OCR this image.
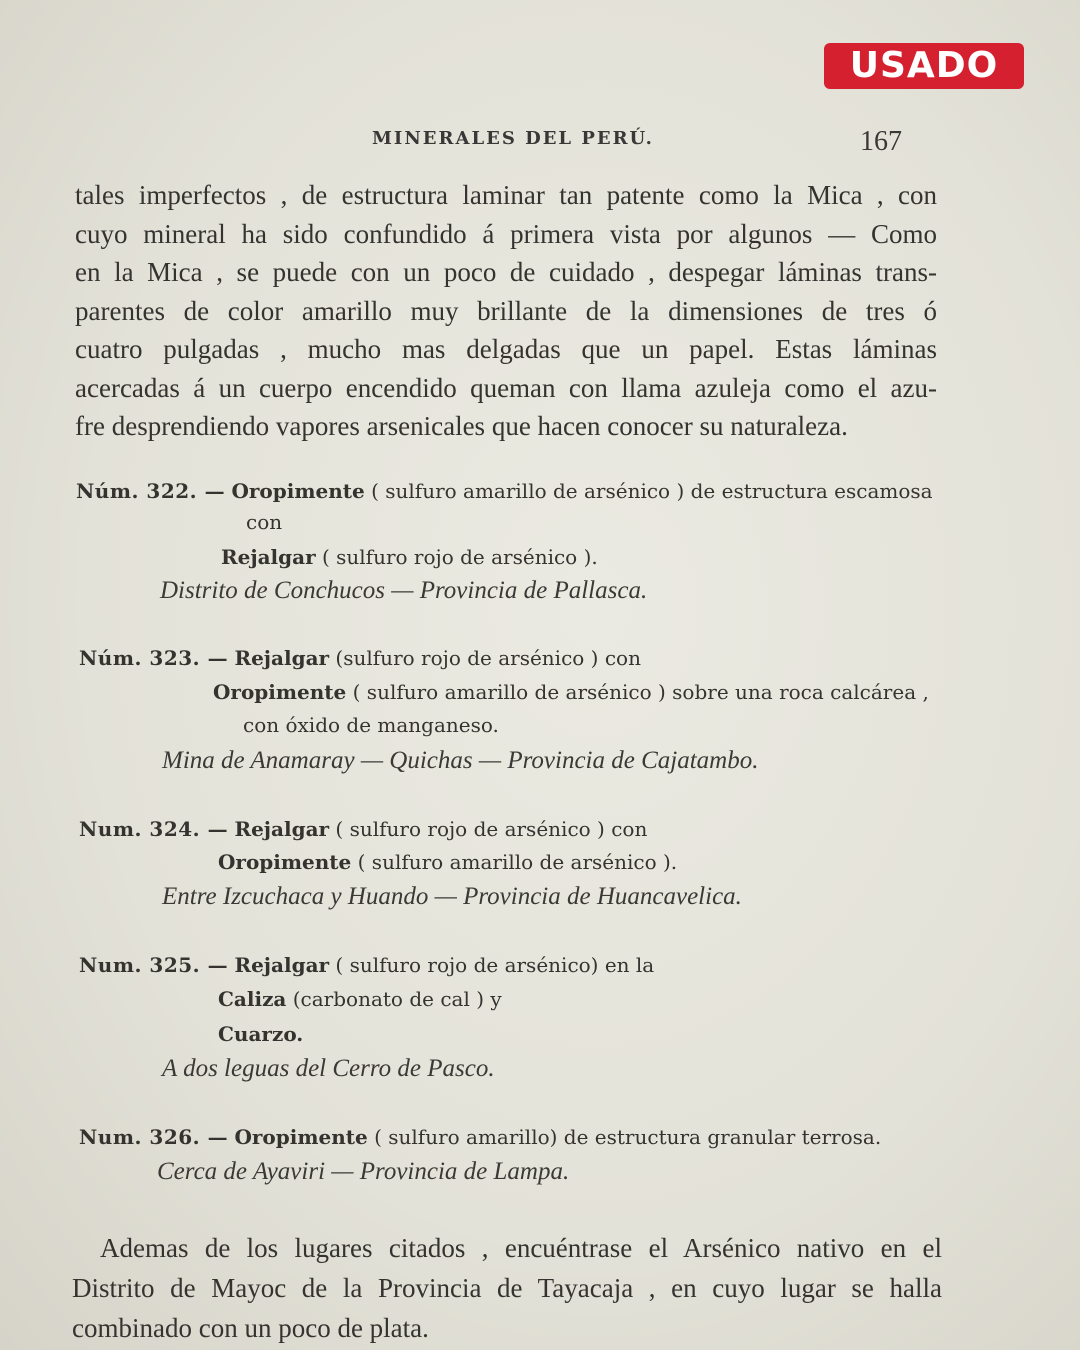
USADO
MINERALES DEL PERÚ.	167
tales imperfectos , de estructura laminar tan patente como la Mica , con
cuyo mineral ha sido confundido á primera vista por algunos — Como
en la Mica , se puede con un poco de cuidado , despegar láminas trans-
parentes de color amarillo muy brillante de la dimensiones de tres ó
cuatro pulgadas , mucho mas delgadas que un papel. Estas láminas
acercadas á un cuerpo encendido queman con llama azuleja como el azu-
fre desprendiendo vapores arsenicales que hacen conocer su naturaleza.
Núm. 322. — Oropimente ( sulfuro amarillo de arsénico ) de estructura escamosa
con
Rejalgar ( sulfuro rojo de arsénico ).
Distrito de Conchucos — Provincia de Pallasca.
Núm. 323. — Rejalgar (sulfuro rojo de arsénico ) con
Oropimente ( sulfuro amarillo de arsénico ) sobre una roca calcárea ,
con óxido de manganeso.
Mina de Anamaray — Quichas — Provincia de Cajatambo.
Num. 324. — Rejalgar ( sulfuro rojo de arsénico ) con
Oropimente ( sulfuro amarillo de arsénico ).
Entre Izcuchaca y Huando — Provincia de Huancavelica.
Num. 325. — Rejalgar ( sulfuro rojo de arsénico) en la
Caliza (carbonato de cal ) y
Cuarzo.
A dos leguas del Cerro de Pasco.
Num. 326. — Oropimente ( sulfuro amarillo) de estructura granular terrosa.
Cerca de Ayaviri — Provincia de Lampa.
Ademas de los lugares citados , encuéntrase el Arsénico nativo en el
Distrito de Mayoc de la Provincia de Tayacaja , en cuyo lugar se halla
combinado con un poco de plata.
